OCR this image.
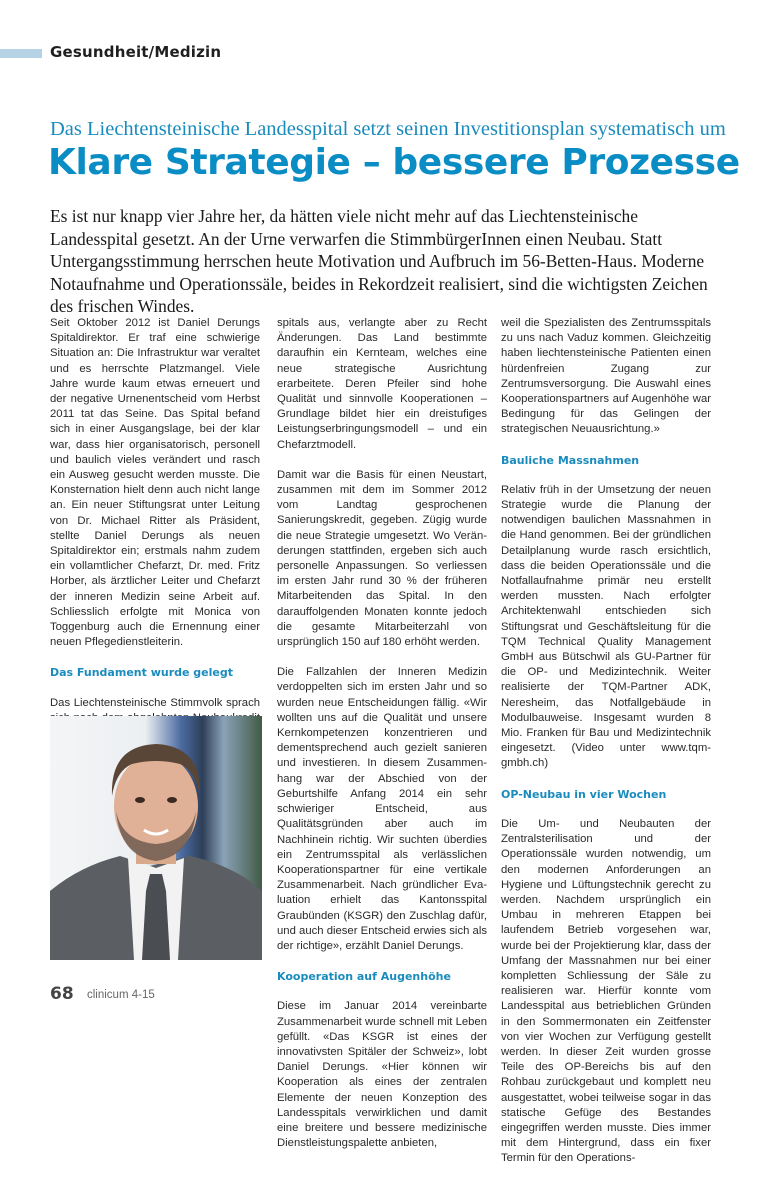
Gesundheit/Medizin
Das Liechtensteinische Landesspital setzt seinen Investitionsplan systematisch um
Klare Strategie – bessere Prozesse
Es ist nur knapp vier Jahre her, da hätten viele nicht mehr auf das Liechtensteinische Landesspital gesetzt. An der Urne verwarfen die StimmbürgerInnen einen Neubau. Statt Untergangsstimmung herrschen heute Motivation und Aufbruch im 56-Betten-Haus. Moderne Notaufnahme und Operationssäle, beides in Rekordzeit realisiert, sind die wichtigsten Zeichen des frischen Windes.

Seit Oktober 2012 ist Daniel Derungs Spitaldirektor. Er traf eine schwierige Situation an: Die Infrastruktur war veraltet und es herrschte Platzmangel. Viele Jahre wurde kaum etwas erneuert und der negative Urnenentscheid vom Herbst 2011 tat das Seine. Das Spital befand sich in einer Ausgangslage, bei der klar war, dass hier organisatorisch, personell und baulich vieles verändert und rasch ein Ausweg gesucht werden musste. Die Konsternation hielt denn auch nicht lange an. Ein neuer Stiftungsrat unter Leitung von Dr. Michael Ritter als Präsident, stellte Daniel Derungs als neuen Spitaldirektor ein; erstmals nahm zudem ein vollamtlicher Chefarzt, Dr. med. Fritz Horber, als ärztlicher Leiter und Chefarzt der inneren Medizin seine Arbeit auf. Schliesslich erfolgte mit Monica von Toggenburg auch die Ernennung einer neuen Pflegedienstleiterin.

Das Fundament wurde gelegt

Das Liechtensteinische Stimmvolk sprach

spitals aus, verlangte aber zu Recht Änderungen. Das Land bestimmte daraufhin ein Kernteam, welches eine neue strategische Ausrichtung erarbeitete. Deren Pfeiler sind hohe Qualität und sinnvolle Kooperationen – Grundlage bildet hier ein dreistufiges Leistungserbringungsmodell – und ein Chefarztmodell.

Damit war die Basis für einen Neustart, zusammen mit dem im Sommer 2012 vom Landtag gesprochenen Sanierungskredit, gegeben. Zügig wurde die neue Strategie umgesetzt. Wo Veränderungen stattfinden, ergeben sich auch personelle Anpassungen. So verliessen im ersten Jahr rund 30 % der früheren Mitarbeitenden das Spital. In den darauffolgenden Monaten konnte jedoch die gesamte Mitarbeiterzahl von ursprünglich 150 auf 180 erhöht werden.

Die Fallzahlen der Inneren Medizin verdoppelten sich im ersten Jahr und so wurden neue Entscheidungen fällig. «Wir wollten uns auf die Qualität und unsere Kernkompetenzen konzentrieren und dementsprechend auch gezielt sanieren und investieren. In diesem Zusammenhang war der Abschied von der Geburtshilfe Anfang 2014 ein sehr schwieriger Entscheid, aus Qualitätsgründen aber auch im Nachhinein richtig. Wir suchten überdies ein Zentrumsspital als verlässlichen Kooperationspartner für eine vertikale Zusammenarbeit. Nach gründlicher Evaluation erhielt das Kantonsspital Graubünden (KSGR) den Zuschlag dafür, und auch dieser Entscheid erwies sich als der richtige», erzählt Daniel Derungs.

Kooperation auf Augenhöhe

Diese im Januar 2014 vereinbarte Zusammenarbeit wurde schnell mit Leben gefüllt. «Das KSGR ist eines der innovativsten Spitäler der Schweiz», lobt Daniel Derungs. «Hier können wir Kooperation als eines der zentralen Elemente der neuen Konzeption des Landesspitals verwirklichen und damit eine breitere und bessere medizinische Dienstleistungspalette anbieten,

weil die Spezialisten des Zentrumsspitals zu uns nach Vaduz kommen. Gleichzeitig haben liechtensteinische Patienten einen hürdenfreien Zugang zur Zentrumsversorgung. Die Auswahl eines Kooperationspartners auf Augenhöhe war Bedingung für das Gelingen der strategischen Neuausrichtung.»

Bauliche Massnahmen

Relativ früh in der Umsetzung der neuen Strategie wurde die Planung der notwendigen baulichen Massnahmen in die Hand genommen. Bei der gründlichen Detailplanung wurde rasch ersichtlich, dass die beiden Operationssäle und die Notfallaufnahme primär neu erstellt werden mussten. Nach erfolgter Architektenwahl entschieden sich Stiftungsrat und Geschäftsleitung für die TQM Technical Quality Management GmbH aus Bütschwil als GU-Partner für die OP- und Medizintechnik. Weiter realisierte der TQM-Partner ADK, Neresheim, das Notfallgebäude in Modulbauweise. Insgesamt wurden 8 Mio. Franken für Bau und Medizintechnik eingesetzt. (Video unter www.tqm-gmbh.ch)

OP-Neubau in vier Wochen

Die Um- und Neubauten der Zentralsterilisation und der Operationssäle wurden notwendig, um den modernen Anforderungen an Hygiene und Lüftungstechnik gerecht zu werden. Nachdem ursprünglich ein Umbau in mehreren Etappen bei laufendem Betrieb vorgesehen war, wurde bei der Projektierung klar, dass der Umfang der Massnahmen nur bei einer kompletten Schliessung der Säle zu realisieren war. Hierfür konnte vom Landesspital aus betrieblichen Gründen in den Sommermonaten ein Zeitfenster von vier Wochen zur Verfügung gestellt werden. In dieser Zeit wurden grosse Teile des OP-Bereichs bis auf den Rohbau zurückgebaut und komplett neu ausgestattet, wobei teilweise sogar in das statische Gefüge des Bestandes eingegriffen werden musste. Dies immer mit dem Hintergrund, dass ein fixer Termin für den Operations-

68 clinicum 4-15
